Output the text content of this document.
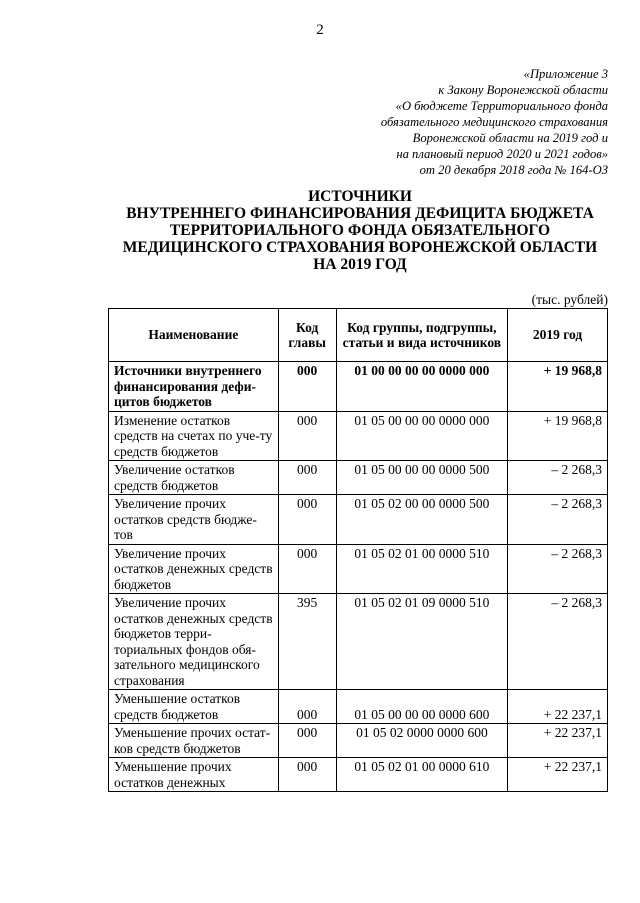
2
«Приложение 3
к Закону Воронежской области
«О бюджете Территориального фонда
обязательного медицинского страхования
Воронежской области на 2019 год и
на плановый период 2020 и 2021 годов»
от 20 декабря 2018 года № 164-ОЗ
ИСТОЧНИКИ
ВНУТРЕННЕГО ФИНАНСИРОВАНИЯ ДЕФИЦИТА БЮДЖЕТА
ТЕРРИТОРИАЛЬНОГО ФОНДА ОБЯЗАТЕЛЬНОГО
МЕДИЦИНСКОГО СТРАХОВАНИЯ ВОРОНЕЖСКОЙ ОБЛАСТИ
НА 2019 ГОД
(тыс. рублей)
Наименование	Код главы	Код группы, подгруппы, статьи и вида источников	2019 год
Источники внутреннего финансирования дефи-цитов бюджетов	000	01 00 00 00 00 0000 000	+ 19 968,8
Изменение остатков средств на счетах по уче-ту средств бюджетов	000	01 05 00 00 00 0000 000	+ 19 968,8
Увеличение остатков средств бюджетов	000	01 05 00 00 00 0000 500	– 2 268,3
Увеличение прочих остатков средств бюдже-тов	000	01 05 02 00 00 0000 500	– 2 268,3
Увеличение прочих остатков денежных средств бюджетов	000	01 05 02 01 00 0000 510	– 2 268,3
Увеличение прочих остатков денежных средств бюджетов терри-ториальных фондов обя-зательного медицинского страхования	395	01 05 02 01 09 0000 510	– 2 268,3
Уменьшение остатков средств бюджетов	000	01 05 00 00 00 0000 600	+ 22 237,1
Уменьшение прочих остат-ков средств бюджетов	000	01 05 02 0000 0000 600	+ 22 237,1
Уменьшение прочих остатков денежных	000	01 05 02 01 00 0000 610	+ 22 237,1
